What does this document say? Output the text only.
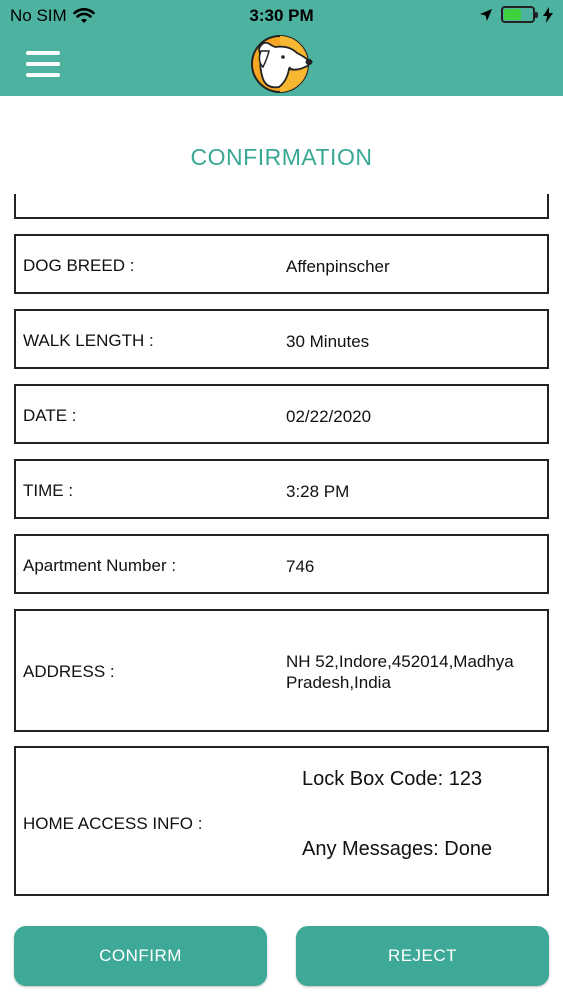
No SIM	3:30 PM
CONFIRMATION
DOG BREED :	Affenpinscher
WALK LENGTH :	30 Minutes
DATE :	02/22/2020
TIME :	3:28 PM
Apartment Number :	746
ADDRESS :
NH 52,Indore,452014,Madhya Pradesh,India
HOME ACCESS INFO :
Lock Box Code: 123
Any Messages: Done
CONFIRM	REJECT
